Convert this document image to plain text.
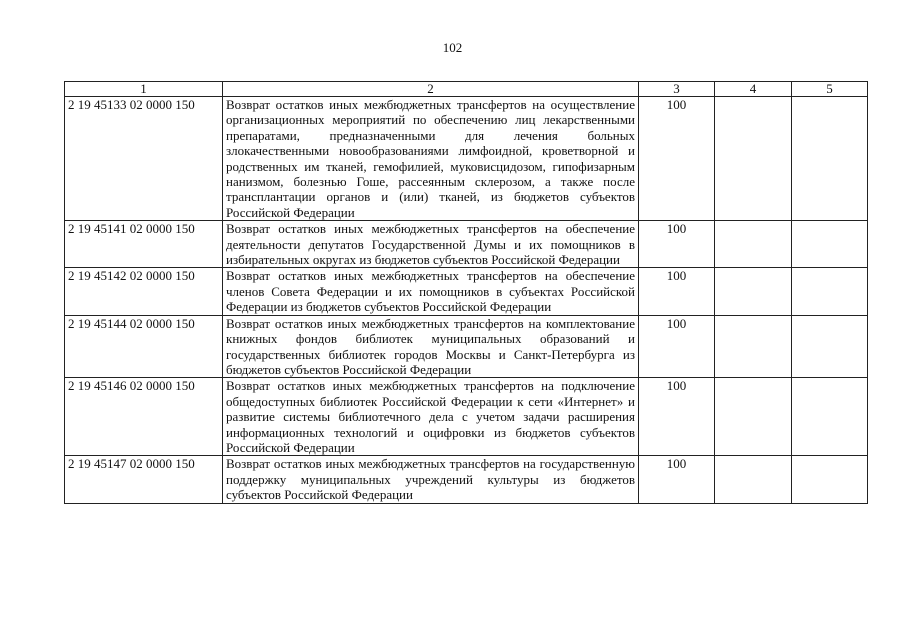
102
1	2	3	4	5
2 19 45133 02 0000 150	Возврат остатков иных межбюджетных трансфертов на осуществление организационных мероприятий по обеспечению лиц лекарственными препаратами, предназначенными для лечения больных злокачественными новообразованиями лимфоидной, кроветворной и родственных им тканей, гемофилией, муковисцидозом, гипофизарным нанизмом, болезнью Гоше, рассеянным склерозом, а также после трансплантации органов и (или) тканей, из бюджетов субъектов Российской Федерации	100		
2 19 45141 02 0000 150	Возврат остатков иных межбюджетных трансфертов на обеспечение деятельности депутатов Государственной Думы и их помощников в избирательных округах из бюджетов субъектов Российской Федерации	100		
2 19 45142 02 0000 150	Возврат остатков иных межбюджетных трансфертов на обеспечение членов Совета Федерации и их помощников в субъектах Российской Федерации из бюджетов субъектов Российской Федерации	100		
2 19 45144 02 0000 150	Возврат остатков иных межбюджетных трансфертов на комплектование книжных фондов библиотек муниципальных образований и государственных библиотек городов Москвы и Санкт-Петербурга из бюджетов субъектов Российской Федерации	100		
2 19 45146 02 0000 150	Возврат остатков иных межбюджетных трансфертов на подключение общедоступных библиотек Российской Федерации к сети «Интернет» и развитие системы библиотечного дела с учетом задачи расширения информационных технологий и оцифровки из бюджетов субъектов Российской Федерации	100		
2 19 45147 02 0000 150	Возврат остатков иных межбюджетных трансфертов на государственную поддержку муниципальных учреждений культуры из бюджетов субъектов Российской Федерации	100		
